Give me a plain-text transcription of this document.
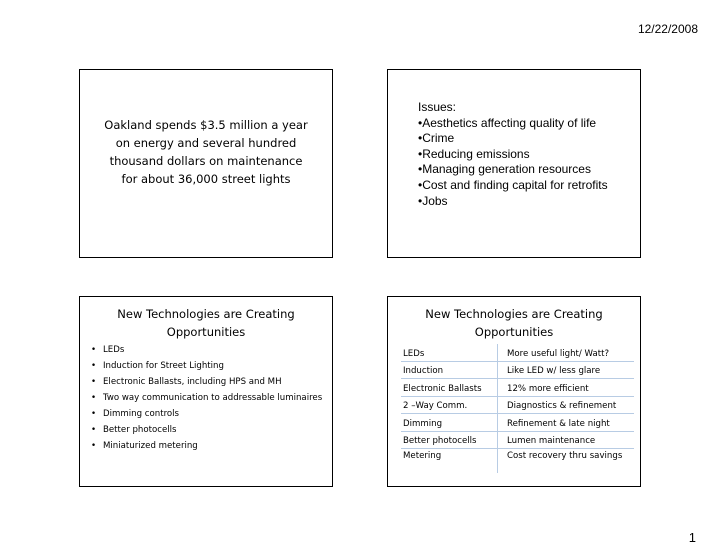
12/22/2008
Oakland spends $3.5 million a year
on energy and several hundred
thousand dollars on maintenance
for about 36,000 street lights
Issues:
•Aesthetics affecting quality of life
•Crime
•Reducing emissions
•Managing generation resources
•Cost and finding capital for retrofits
•Jobs
New Technologies are Creating
Opportunities
• LEDs
• Induction for Street Lighting
• Electronic Ballasts, including HPS and MH
• Two way communication to addressable luminaires
• Dimming controls
• Better photocells
• Miniaturized metering
New Technologies are Creating
Opportunities
LEDs	More useful light/ Watt?
Induction	Like LED w/ less glare
Electronic Ballasts	12% more efficient
2 –Way Comm.	Diagnostics & refinement
Dimming	Refinement & late night
Better photocells	Lumen maintenance
Metering	Cost recovery thru savings
1
